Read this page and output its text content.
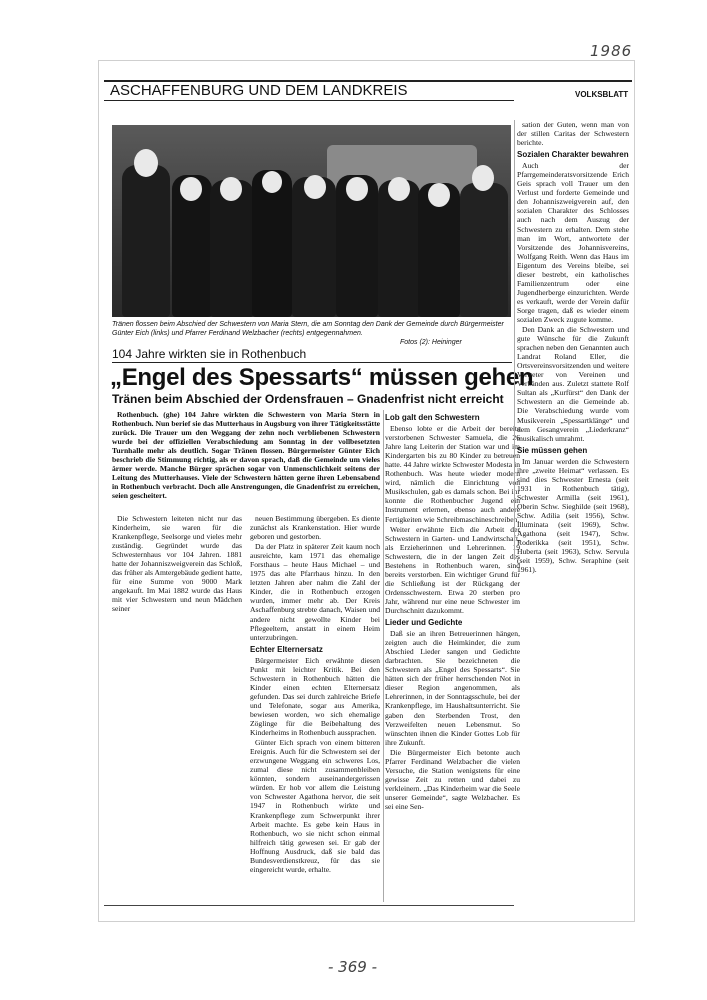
1986
ASCHAFFENBURG UND DEM LANDKREIS	VOLKSBLATT
Tränen flossen beim Abschied der Schwestern von Maria Stern, die am Sonntag den Dank der Gemeinde durch Bürgermeister Günter Eich (links) und Pfarrer Ferdinand Welzbacher (rechts) entgegennahmen.
Fotos (2): Heininger
104 Jahre wirkten sie in Rothenbuch
„Engel des Spessarts“ müssen gehen
Tränen beim Abschied der Ordensfrauen – Gnadenfrist nicht erreicht

Rothenbuch. (ghe) 104 Jahre wirkten die Schwestern von Maria Stern in Rothenbuch. Nun berief sie das Mutterhaus in Augsburg von ihrer Tätigkeitsstätte zurück. Die Trauer um den Weggang der zehn noch verbliebenen Schwestern wurde bei der offiziellen Verabschiedung am Sonntag in der vollbesetzten Turnhalle mehr als deutlich. Sogar Tränen flossen. Bürgermeister Günter Eich beschrieb die Stimmung richtig, als er davon sprach, daß die Gemeinde um vieles ärmer werde. Manche Bürger sprächen sogar von Unmenschlichkeit seitens der Leitung des Mutterhauses. Viele der Schwestern hätten gerne ihren Lebensabend in Rothenbuch verbracht. Doch alle Anstrengungen, die Gnadenfrist zu erreichen, seien gescheitert.

Die Schwestern leiteten nicht nur das Kinderheim, sie waren für die Krankenpflege, Seelsorge und vieles mehr zuständig. Gegründet wurde das Schwesternhaus vor 104 Jahren. 1881 hatte der Johanniszweigverein das Schloß, das früher als Amtergebäude gedient hatte, für eine Summe von 9000 Mark angekauft. Im Mai 1882 wurde das Haus mit vier Schwestern und neun Mädchen seiner

neuen Bestimmung übergeben. Es diente zunächst als Krankenstation. Hier wurde geboren und gestorben.

Da der Platz in späterer Zeit kaum noch ausreichte, kam 1971 das ehemalige Forsthaus – heute Haus Michael – und 1975 das alte Pfarrhaus hinzu. In den letzten Jahren aber nahm die Zahl der Kinder, die in Rothenbuch erzogen wurden, immer mehr ab. Der Kreis Aschaffenburg strebte danach, Waisen und andere nicht gewollte Kinder bei Pflegeeltern, anstatt in einem Heim unterzubringen.

Echter Elternersatz

Bürgermeister Eich erwähnte diesen Punkt mit leichter Kritik. Bei den Schwestern in Rothenbuch hätten die Kinder einen echten Elternersatz gefunden. Das sei durch zahlreiche Briefe und Telefonate, sogar aus Amerika, bewiesen worden, wo sich ehemalige Zöglinge für die Beibehaltung des Kinderheims in Rothenbuch aussprachen.

Günter Eich sprach von einem bitteren Ereignis. Auch für die Schwestern sei der erzwungene Weggang ein schweres Los, zumal diese nicht zusammenbleiben könnten, sondern auseinandergerissen würden. Er hob vor allem die Leistung von Schwester Agathona hervor, die seit 1947 in Rothenbuch wirkte und Krankenpflege zum Schwerpunkt ihrer Arbeit machte. Es gebe kein Haus in Rothenbuch, wo sie nicht schon einmal hilfreich tätig gewesen sei. Er gab der Hoffnung Ausdruck, daß sie bald das Bundesverdienstkreuz, für das sie eingereicht wurde, erhalte.

Lob galt den Schwestern

Ebenso lobte er die Arbeit der bereits verstorbenen Schwester Samuela, die 26 Jahre lang Leiterin der Station war und im Kindergarten bis zu 80 Kinder zu betreuen hatte. 44 Jahre wirkte Schwester Modesta in Rothenbuch. Was heute wieder modern wird, nämlich die Einrichtung von Musikschulen, gab es damals schon. Bei ihr konnte die Rothenbucher Jugend ein Instrument erlernen, ebenso auch andere Fertigkeiten wie Schreibmaschineschreiben.

Weiter erwähnte Eich die Arbeit der Schwestern in Garten- und Landwirtschaft, als Erzieherinnen und Lehrerinnen. 19 Schwestern, die in der langen Zeit des Bestehens in Rothenbuch waren, sind bereits verstorben. Ein wichtiger Grund für die Schließung ist der Rückgang der Ordensschwestern. Etwa 20 sterben pro Jahr, während nur eine neue Schwester im Durchschnitt dazukommt.

Lieder und Gedichte

Daß sie an ihren Betreuerinnen hängen, zeigten auch die Heimkinder, die zum Abschied Lieder sangen und Gedichte darbrachten. Sie bezeichneten die Schwestern als „Engel des Spessarts“. Sie hätten sich der früher herrschenden Not in dieser Region angenommen, als Lehrerinnen, in der Sonntagsschule, bei der Krankenpflege, im Haushaltsunterricht. Sie gaben den Sterbenden Trost, den Verzweifelten neuen Lebensmut. So wünschten ihnen die Kinder Gottes Lob für ihre Zukunft.

Die Bürgermeister Eich betonte auch Pfarrer Ferdinand Welzbacher die vielen Versuche, die Station wenigstens für eine gewisse Zeit zu retten und dabei zu verkleinern. „Das Kinderheim war die Seele unserer Gemeinde“, sagte Welzbacher. Es sei eine Sen-

sation der Guten, wenn man von der stillen Caritas der Schwestern berichte.

Sozialen Charakter bewahren

Auch der Pfarrgemeinderatsvorsitzende Erich Geis sprach voll Trauer um den Verlust und forderte Gemeinde und den Johanniszweigverein auf, den sozialen Charakter des Schlosses auch nach dem Auszug der Schwestern zu erhalten. Dem stehe man im Wort, antwortete der Vorsitzende des Johannisvereins, Wolfgang Reith. Wenn das Haus im Eigentum des Vereins bleibe, sei dieser bestrebt, ein katholisches Familienzentrum oder eine Jugendherberge einzurichten. Werde es verkauft, werde der Verein dafür Sorge tragen, daß es wieder einem sozialen Zweck zugute komme.

Den Dank an die Schwestern und gute Wünsche für die Zukunft sprachen neben den Genannten auch Landrat Roland Eller, die Ortsvereinsvorsitzenden und weitere Vertreter von Vereinen und Verbänden aus. Zuletzt stattete Rolf Sultan als „Kurfürst“ den Dank der Schwestern an die Gemeinde ab. Die Verabschiedung wurde vom Musikverein „Spessartklänge“ und dem Gesangverein „Liederkranz“ musikalisch umrahmt.

Sie müssen gehen

Im Januar werden die Schwestern ihre „zweite Heimat“ verlassen. Es sind dies Schwester Ernesta (seit 1931 in Rothenbuch tätig), Schwester Armilla (seit 1961), Oberin Schw. Sieghilde (seit 1968), Schw. Adilia (seit 1956), Schw. Illuminata (seit 1969), Schw. Agathona (seit 1947), Schw. Roderikka (seit 1951), Schw. Huberta (seit 1963), Schw. Servula (seit 1959), Schw. Seraphine (seit 1961).

- 369 -
